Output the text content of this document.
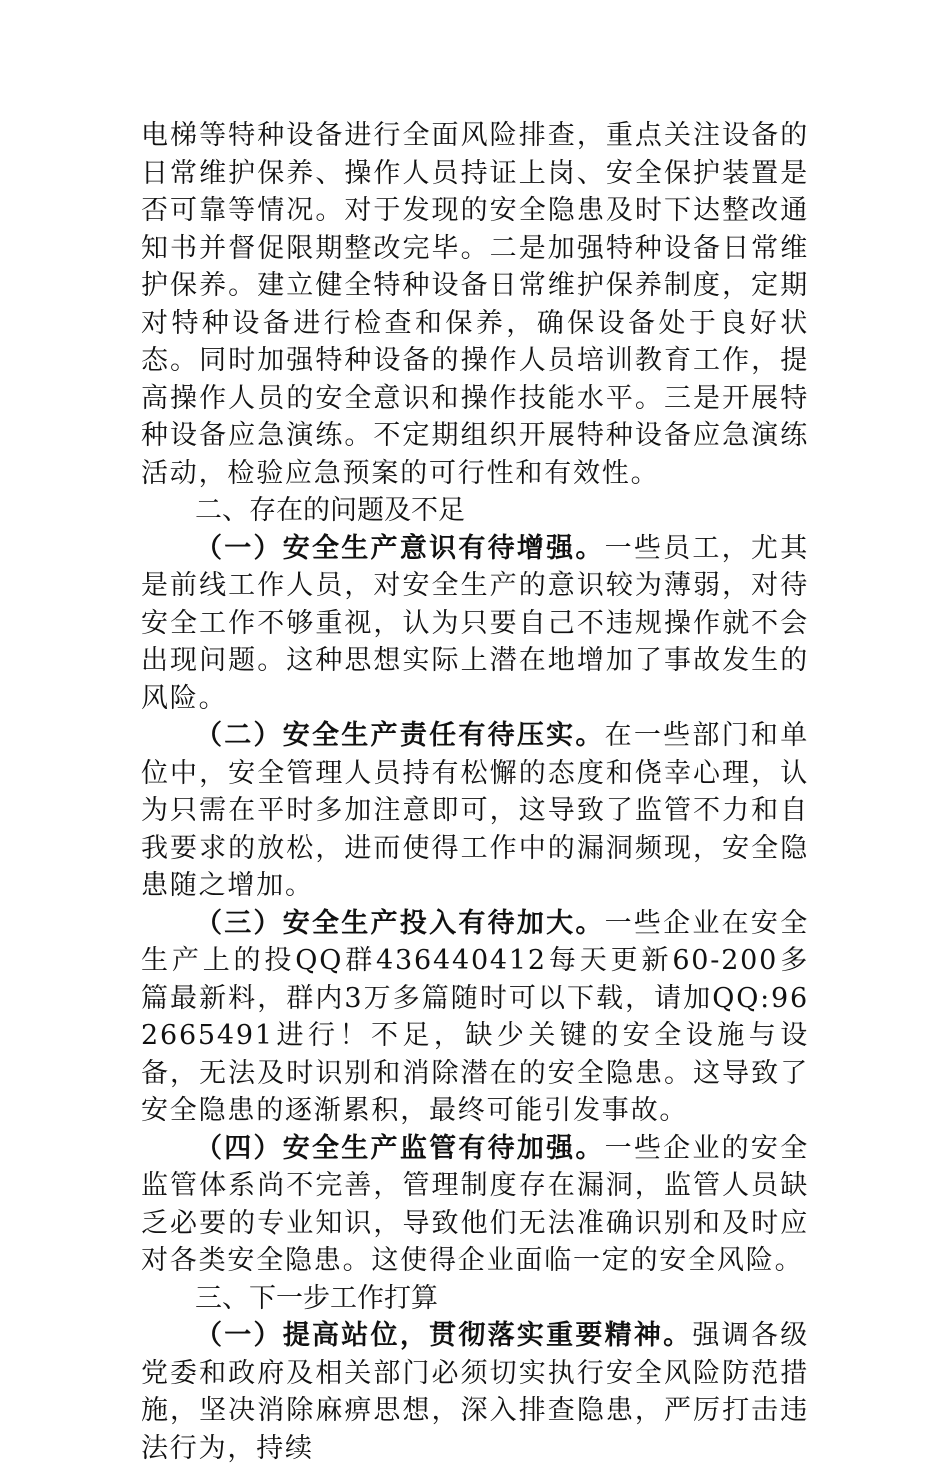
电梯等特种设备进行全面风险排查，重点关注设备的日常维护保养、操作人员持证上岗、安全保护装置是否可靠等情况。对于发现的安全隐患及时下达整改通知书并督促限期整改完毕。二是加强特种设备日常维护保养。建立健全特种设备日常维护保养制度，定期对特种设备进行检查和保养，确保设备处于良好状态。同时加强特种设备的操作人员培训教育工作，提高操作人员的安全意识和操作技能水平。三是开展特种设备应急演练。不定期组织开展特种设备应急演练活动，检验应急预案的可行性和有效性。

二、存在的问题及不足

（一）安全生产意识有待增强。一些员工，尤其是前线工作人员，对安全生产的意识较为薄弱，对待安全工作不够重视，认为只要自己不违规操作就不会出现问题。这种思想实际上潜在地增加了事故发生的风险。

（二）安全生产责任有待压实。在一些部门和单位中，安全管理人员持有松懈的态度和侥幸心理，认为只需在平时多加注意即可，这导致了监管不力和自我要求的放松，进而使得工作中的漏洞频现，安全隐患随之增加。

（三）安全生产投入有待加大。一些企业在安全生产上的投QQ群436440412每天更新60-200多篇最新料，群内3万多篇随时可以下载，请加QQ:962665491进行！不足，缺少关键的安全设施与设备，无法及时识别和消除潜在的安全隐患。这导致了安全隐患的逐渐累积，最终可能引发事故。

（四）安全生产监管有待加强。一些企业的安全监管体系尚不完善，管理制度存在漏洞，监管人员缺乏必要的专业知识，导致他们无法准确识别和及时应对各类安全隐患。这使得企业面临一定的安全风险。

三、下一步工作打算

（一）提高站位，贯彻落实重要精神。强调各级党委和政府及相关部门必须切实执行安全风险防范措施，坚决消除麻痹思想，深入排查隐患，严厉打击违法行为，持续
